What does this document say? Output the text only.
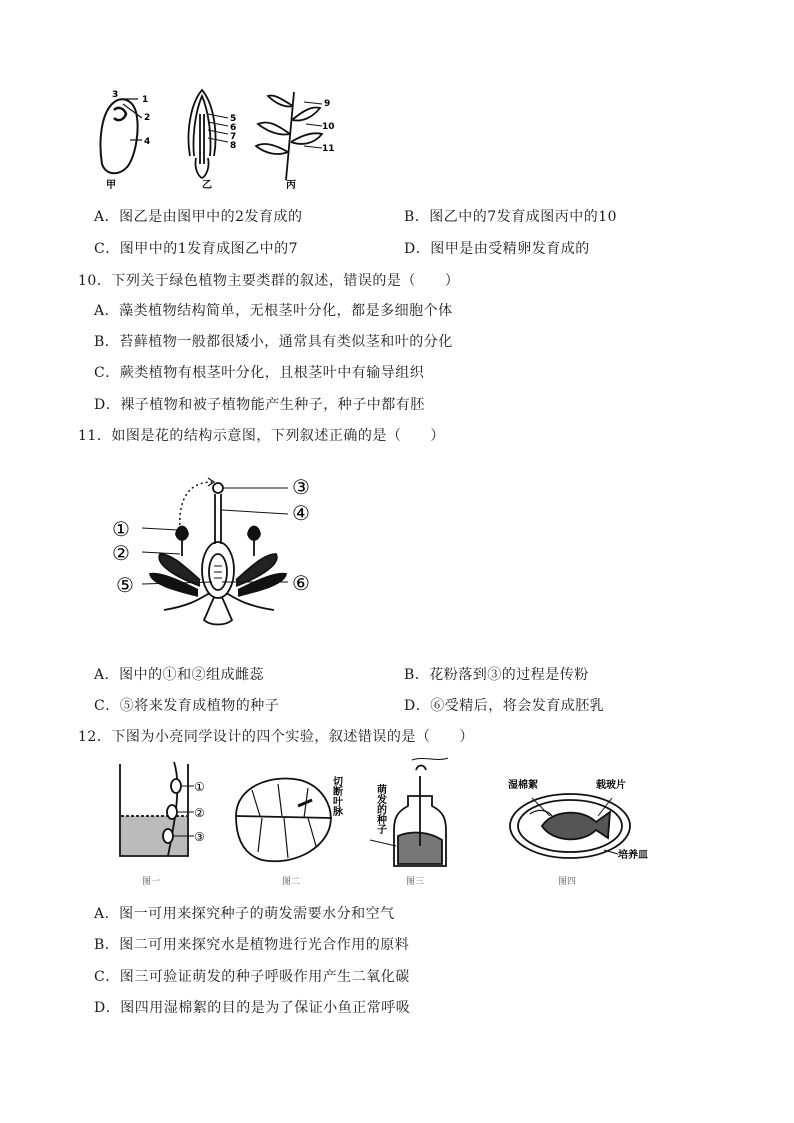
3	1
2
4
甲
5
6
7
8
乙
9
10
11
丙
A．图乙是由图甲中的2发育成的	B．图乙中的7发育成图丙中的10
C．图甲中的1发育成图乙中的7	D．图甲是由受精卵发育成的
10．下列关于绿色植物主要类群的叙述，错误的是（　　）
A．藻类植物结构简单，无根茎叶分化，都是多细胞个体
B．苔藓植物一般都很矮小，通常具有类似茎和叶的分化
C．蕨类植物有根茎叶分化，且根茎叶中有输导组织
D．裸子植物和被子植物能产生种子，种子中都有胚
11．如图是花的结构示意图，下列叙述正确的是（　　）
①
②
⑤
③
④
⑥
A．图中的①和②组成雌蕊	B．花粉落到③的过程是传粉
C．⑤将来发育成植物的种子	D．⑥受精后，将会发育成胚乳
12．下图为小亮同学设计的四个实验，叙述错误的是（　　）
①
②
③
图一
切断叶脉
图二
萌发的种子
图三
湿棉絮	载玻片
培养皿
图四
A．图一可用来探究种子的萌发需要水分和空气
B．图二可用来探究水是植物进行光合作用的原料
C．图三可验证萌发的种子呼吸作用产生二氧化碳
D．图四用湿棉絮的目的是为了保证小鱼正常呼吸
